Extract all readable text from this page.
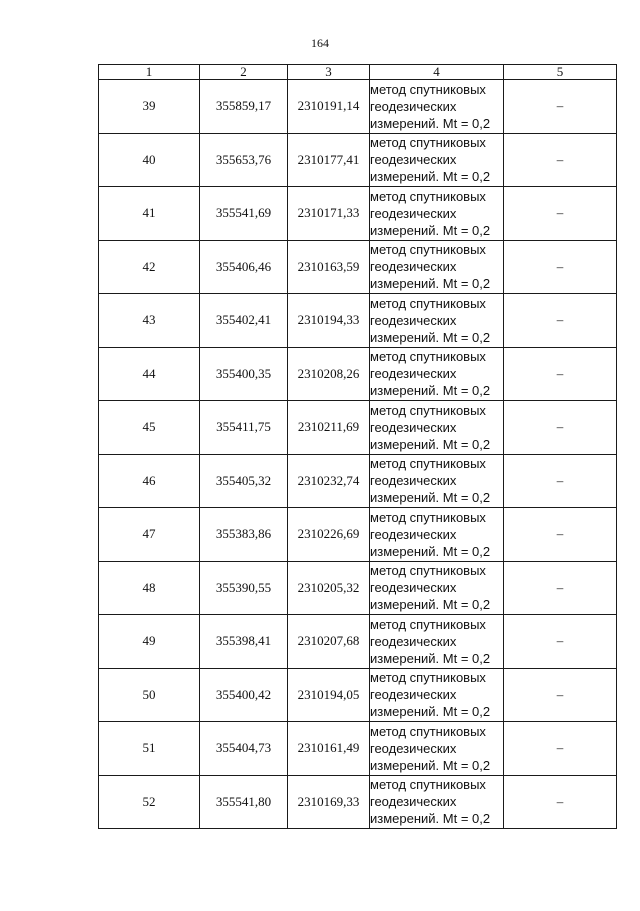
164
1	2	3	4	5
39	355859,17	2310191,14	метод спутниковых
геодезических
измерений. Mt = 0,2	–
40	355653,76	2310177,41	метод спутниковых
геодезических
измерений. Mt = 0,2	–
41	355541,69	2310171,33	метод спутниковых
геодезических
измерений. Mt = 0,2	–
42	355406,46	2310163,59	метод спутниковых
геодезических
измерений. Mt = 0,2	–
43	355402,41	2310194,33	метод спутниковых
геодезических
измерений. Mt = 0,2	–
44	355400,35	2310208,26	метод спутниковых
геодезических
измерений. Mt = 0,2	–
45	355411,75	2310211,69	метод спутниковых
геодезических
измерений. Mt = 0,2	–
46	355405,32	2310232,74	метод спутниковых
геодезических
измерений. Mt = 0,2	–
47	355383,86	2310226,69	метод спутниковых
геодезических
измерений. Mt = 0,2	–
48	355390,55	2310205,32	метод спутниковых
геодезических
измерений. Mt = 0,2	–
49	355398,41	2310207,68	метод спутниковых
геодезических
измерений. Mt = 0,2	–
50	355400,42	2310194,05	метод спутниковых
геодезических
измерений. Mt = 0,2	–
51	355404,73	2310161,49	метод спутниковых
геодезических
измерений. Mt = 0,2	–
52	355541,80	2310169,33	метод спутниковых
геодезических
измерений. Mt = 0,2	–
